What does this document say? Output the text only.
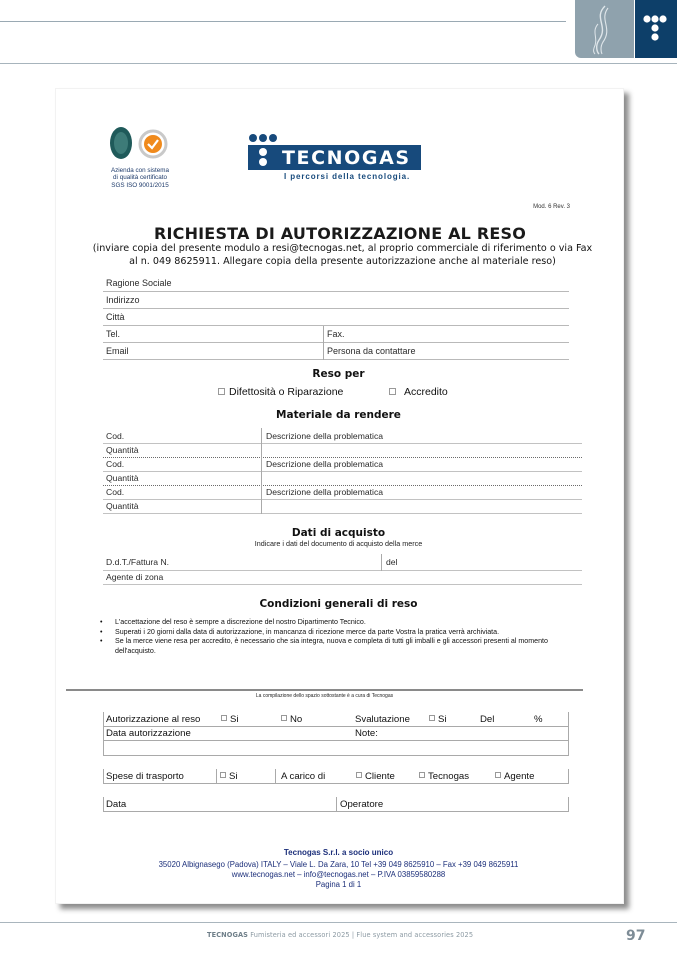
Azienda con sistema
di qualità certificato
SGS ISO 9001/2015
TECNOGAS
I percorsi della tecnologia.
Mod. 6 Rev. 3
RICHIESTA DI AUTORIZZAZIONE AL RESO
(inviare copia del presente modulo a resi@tecnogas.net, al proprio commerciale di riferimento o via Fax
al n. 049 8625911. Allegare copia della presente autorizzazione anche al materiale reso)
Ragione Sociale
Indirizzo
Città
Tel.	Fax.
Email	Persona da contattare
Reso per
Difettosità o Riparazione	Accredito
Materiale da rendere
Cod.	Descrizione della problematica
Quantità
Cod.	Descrizione della problematica
Quantità
Cod.	Descrizione della problematica
Quantità
Dati di acquisto
Indicare i dati del documento di acquisto della merce
D.d.T./Fattura N.	del
Agente di zona
Condizioni generali di reso
• L'accettazione del reso è sempre a discrezione del nostro Dipartimento Tecnico.
• Superati i 20 giorni dalla data di autorizzazione, in mancanza di ricezione merce da parte Vostra la pratica verrà archiviata.
• Se la merce viene resa per accredito, è necessario che sia integra, nuova e completa di tutti gli imballi e gli accessori presenti al momento dell'acquisto.
La compilazione dello spazio sottostante è a cura di Tecnogas
Autorizzazione al reso	Si	No	Svalutazione	Si	Del	%
Data autorizzazione	Note:
Spese di trasporto	Si	A carico di	Cliente	Tecnogas	Agente
Data	Operatore
Tecnogas S.r.l. a socio unico
35020 Albignasego (Padova) ITALY – Viale L. Da Zara, 10 Tel +39 049 8625910 – Fax +39 049 8625911
www.tecnogas.net – info@tecnogas.net – P.IVA 03859580288
Pagina 1 di 1
TECNOGAS Fumisteria ed accessori 2025 | Flue system and accessories 2025	97
